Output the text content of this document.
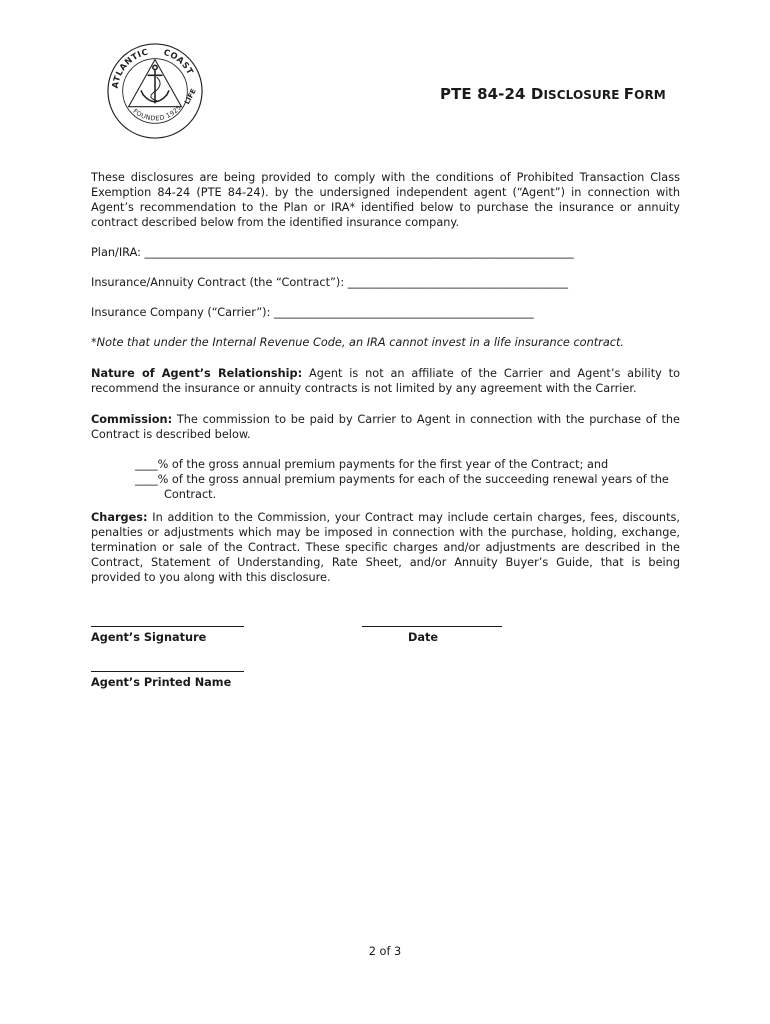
ATLANTIC COAST
LIFE
FOUNDED 1925
PTE 84-24 DISCLOSURE FORM
These disclosures are being provided to comply with the conditions of Prohibited Transaction Class Exemption 84-24 (PTE 84-24). by the undersigned independent agent (“Agent”) in connection with Agent’s recommendation to the Plan or IRA* identified below to purchase the insurance or annuity contract described below from the identified insurance company.
Plan/IRA: ____________________________________________________________________________
Insurance/Annuity Contract (the “Contract”): _______________________________________
Insurance Company (“Carrier”): ______________________________________________
*Note that under the Internal Revenue Code, an IRA cannot invest in a life insurance contract.
Nature of Agent’s Relationship: Agent is not an affiliate of the Carrier and Agent’s ability to recommend the insurance or annuity contracts is not limited by any agreement with the Carrier.
Commission: The commission to be paid by Carrier to Agent in connection with the purchase of the Contract is described below.
____% of the gross annual premium payments for the first year of the Contract; and
____% of the gross annual premium payments for each of the succeeding renewal years of the
Contract.
Charges: In addition to the Commission, your Contract may include certain charges, fees, discounts, penalties or adjustments which may be imposed in connection with the purchase, holding, exchange, termination or sale of the Contract. These specific charges and/or adjustments are described in the Contract, Statement of Understanding, Rate Sheet, and/or Annuity Buyer’s Guide, that is being provided to you along with this disclosure.
Agent’s Signature	Date
Agent’s Printed Name
2 of 3
